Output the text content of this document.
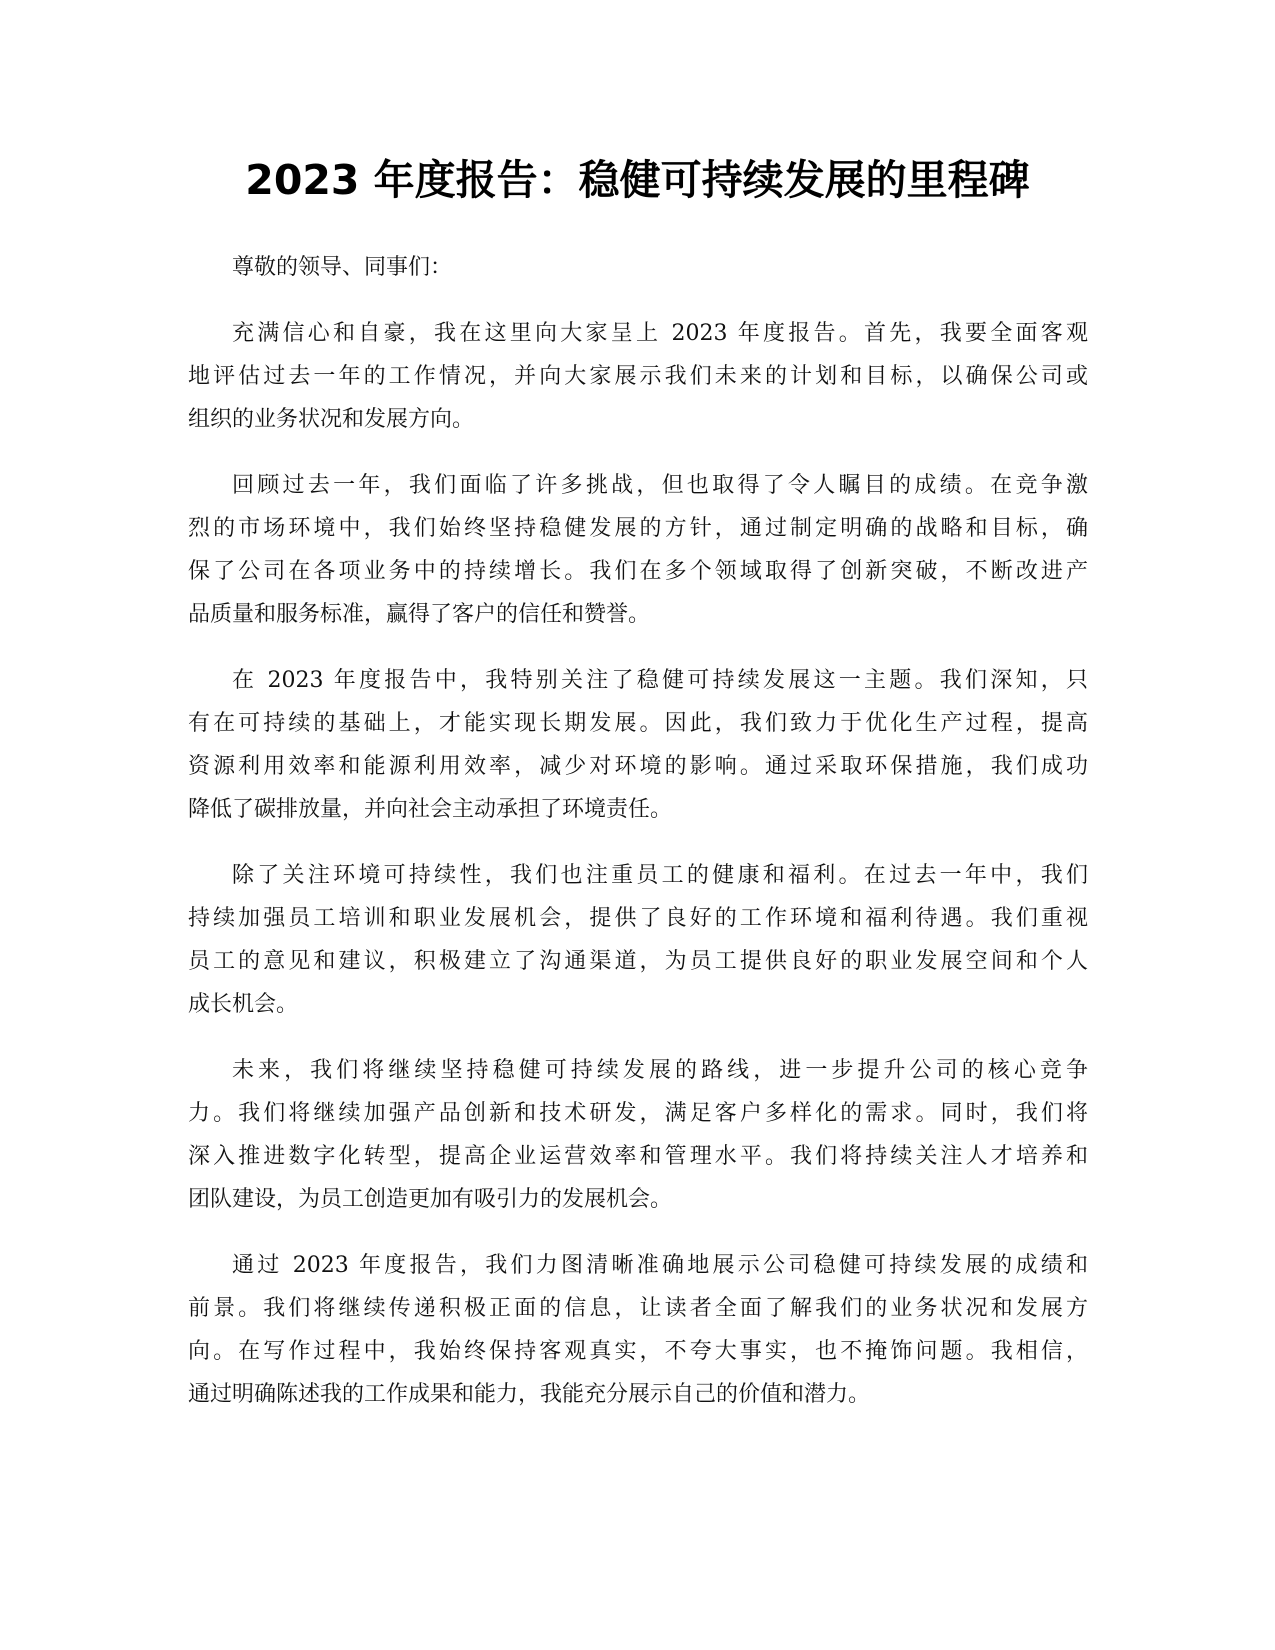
2023 年度报告：稳健可持续发展的里程碑

尊敬的领导、同事们：

充满信心和自豪，我在这里向大家呈上 2023 年度报告。首先，我要全面客观
地评估过去一年的工作情况，并向大家展示我们未来的计划和目标，以确保公司或
组织的业务状况和发展方向。

回顾过去一年，我们面临了许多挑战，但也取得了令人瞩目的成绩。在竞争激
烈的市场环境中，我们始终坚持稳健发展的方针，通过制定明确的战略和目标，确
保了公司在各项业务中的持续增长。我们在多个领域取得了创新突破，不断改进产
品质量和服务标准，赢得了客户的信任和赞誉。

在 2023 年度报告中，我特别关注了稳健可持续发展这一主题。我们深知，只
有在可持续的基础上，才能实现长期发展。因此，我们致力于优化生产过程，提高
资源利用效率和能源利用效率，减少对环境的影响。通过采取环保措施，我们成功
降低了碳排放量，并向社会主动承担了环境责任。

除了关注环境可持续性，我们也注重员工的健康和福利。在过去一年中，我们
持续加强员工培训和职业发展机会，提供了良好的工作环境和福利待遇。我们重视
员工的意见和建议，积极建立了沟通渠道，为员工提供良好的职业发展空间和个人
成长机会。

未来，我们将继续坚持稳健可持续发展的路线，进一步提升公司的核心竞争
力。我们将继续加强产品创新和技术研发，满足客户多样化的需求。同时，我们将
深入推进数字化转型，提高企业运营效率和管理水平。我们将持续关注人才培养和
团队建设，为员工创造更加有吸引力的发展机会。

通过 2023 年度报告，我们力图清晰准确地展示公司稳健可持续发展的成绩和
前景。我们将继续传递积极正面的信息，让读者全面了解我们的业务状况和发展方
向。在写作过程中，我始终保持客观真实，不夸大事实，也不掩饰问题。我相信，
通过明确陈述我的工作成果和能力，我能充分展示自己的价值和潜力。
